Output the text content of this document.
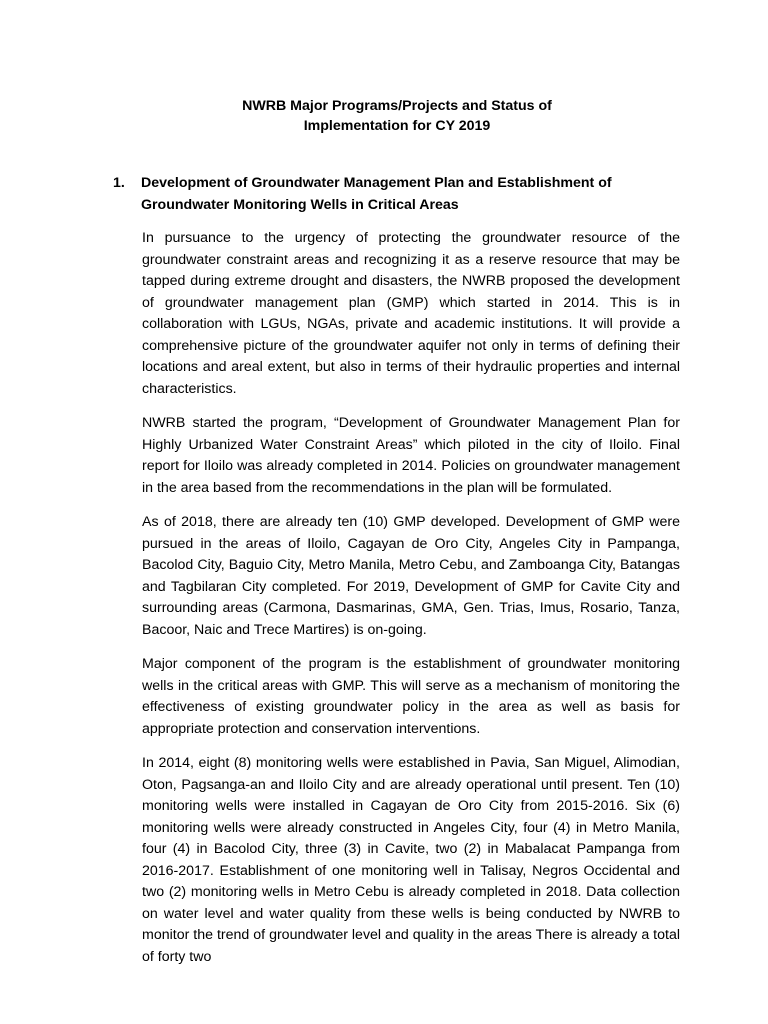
NWRB Major Programs/Projects and Status of
Implementation for CY 2019
1.	Development of Groundwater Management Plan and Establishment of Groundwater Monitoring Wells in Critical Areas

In pursuance to the urgency of protecting the groundwater resource of the groundwater constraint areas and recognizing it as a reserve resource that may be tapped during extreme drought and disasters, the NWRB proposed the development of groundwater management plan (GMP) which started in 2014. This is in collaboration with LGUs, NGAs, private and academic institutions. It will provide a comprehensive picture of the groundwater aquifer not only in terms of defining their locations and areal extent, but also in terms of their hydraulic properties and internal characteristics.

NWRB started the program, “Development of Groundwater Management Plan for Highly Urbanized Water Constraint Areas” which piloted in the city of Iloilo. Final report for Iloilo was already completed in 2014. Policies on groundwater management in the area based from the recommendations in the plan will be formulated.

As of 2018, there are already ten (10) GMP developed. Development of GMP were pursued in the areas of Iloilo, Cagayan de Oro City, Angeles City in Pampanga, Bacolod City, Baguio City, Metro Manila, Metro Cebu, and Zamboanga City, Batangas and Tagbilaran City completed. For 2019, Development of GMP for Cavite City and surrounding areas (Carmona, Dasmarinas, GMA, Gen. Trias, Imus, Rosario, Tanza, Bacoor, Naic and Trece Martires) is on-going.

Major component of the program is the establishment of groundwater monitoring wells in the critical areas with GMP. This will serve as a mechanism of monitoring the effectiveness of existing groundwater policy in the area as well as basis for appropriate protection and conservation interventions.

In 2014, eight (8) monitoring wells were established in Pavia, San Miguel, Alimodian, Oton, Pagsanga-an and Iloilo City and are already operational until present. Ten (10) monitoring wells were installed in Cagayan de Oro City from 2015-2016. Six (6) monitoring wells were already constructed in Angeles City, four (4) in Metro Manila, four (4) in Bacolod City, three (3) in Cavite, two (2) in Mabalacat Pampanga from 2016-2017. Establishment of one monitoring well in Talisay, Negros Occidental and two (2) monitoring wells in Metro Cebu is already completed in 2018. Data collection on water level and water quality from these wells is being conducted by NWRB to monitor the trend of groundwater level and quality in the areas There is already a total of forty two
